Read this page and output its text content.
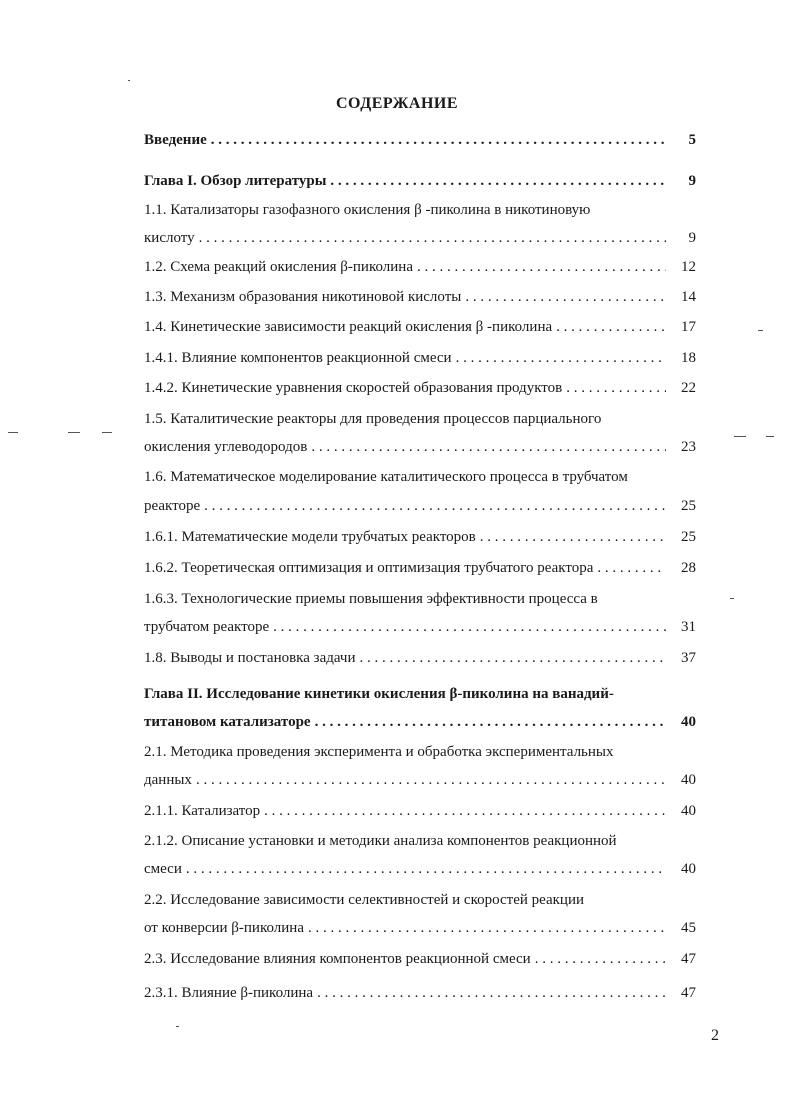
СОДЕРЖАНИЕ
Введение . . .	5
Глава I. Обзор литературы . . .	9
1.1. Катализаторы газофазного окисления β -пиколина в никотиновую
кислоту . . .	9
1.2. Схема реакций окисления β-пиколина . . .	12
1.3. Механизм образования никотиновой кислоты . . .	14
1.4. Кинетические зависимости реакций окисления β -пиколина . . .	17
1.4.1. Влияние компонентов реакционной смеси . . .	18
1.4.2. Кинетические уравнения скоростей образования продуктов . . .	22
1.5. Каталитические реакторы для проведения процессов парциального
окисления углеводородов . . .	23
1.6. Математическое моделирование каталитического процесса в трубчатом
реакторе . . .	25
1.6.1. Математические модели трубчатых реакторов . . .	25
1.6.2. Теоретическая оптимизация и оптимизация трубчатого реактора . . .	28
1.6.3. Технологические приемы повышения эффективности процесса в
трубчатом реакторе . . .	31
1.8. Выводы и постановка задачи . . .	37
Глава II. Исследование кинетики окисления β-пиколина на ванадий-
титановом катализаторе . . .	40
2.1. Методика проведения эксперимента и обработка экспериментальных
данных . . .	40
2.1.1. Катализатор . . .	40
2.1.2. Описание установки и методики анализа компонентов реакционной
смеси . . .	40
2.2. Исследование зависимости селективностей и скоростей реакции
от конверсии β-пиколина . . .	45
2.3. Исследование влияния компонентов реакционной смеси . . .	47
2.3.1. Влияние β-пиколина . . .	47
2
